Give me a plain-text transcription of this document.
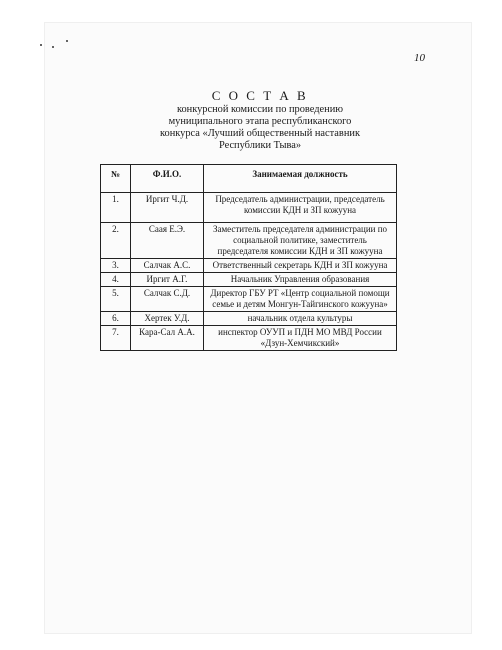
10
С О С Т А В
конкурсной комиссии по проведению
муниципального этапа республиканского
конкурса «Лучший общественный наставник
Республики Тыва»
№	Ф.И.О.	Занимаемая должность
1.	Иргит Ч.Д.	Председатель администрации, председатель комиссии КДН и ЗП кожууна
2.	Саая Е.Э.	Заместитель председателя администрации по социальной политике, заместитель председателя комиссии КДН и ЗП кожууна
3.	Салчак А.С.	Ответственный секретарь КДН и ЗП кожууна
4.	Иргит А.Г.	Начальник Управления образования
5.	Салчак С.Д.	Директор ГБУ РТ «Центр социальной помощи семье и детям Монгун-Тайгинского кожууна»
6.	Хертек У.Д.	начальник отдела культуры
7.	Кара-Сал А.А.	инспектор ОУУП и ПДН МО МВД России «Дзун-Хемчикский»
